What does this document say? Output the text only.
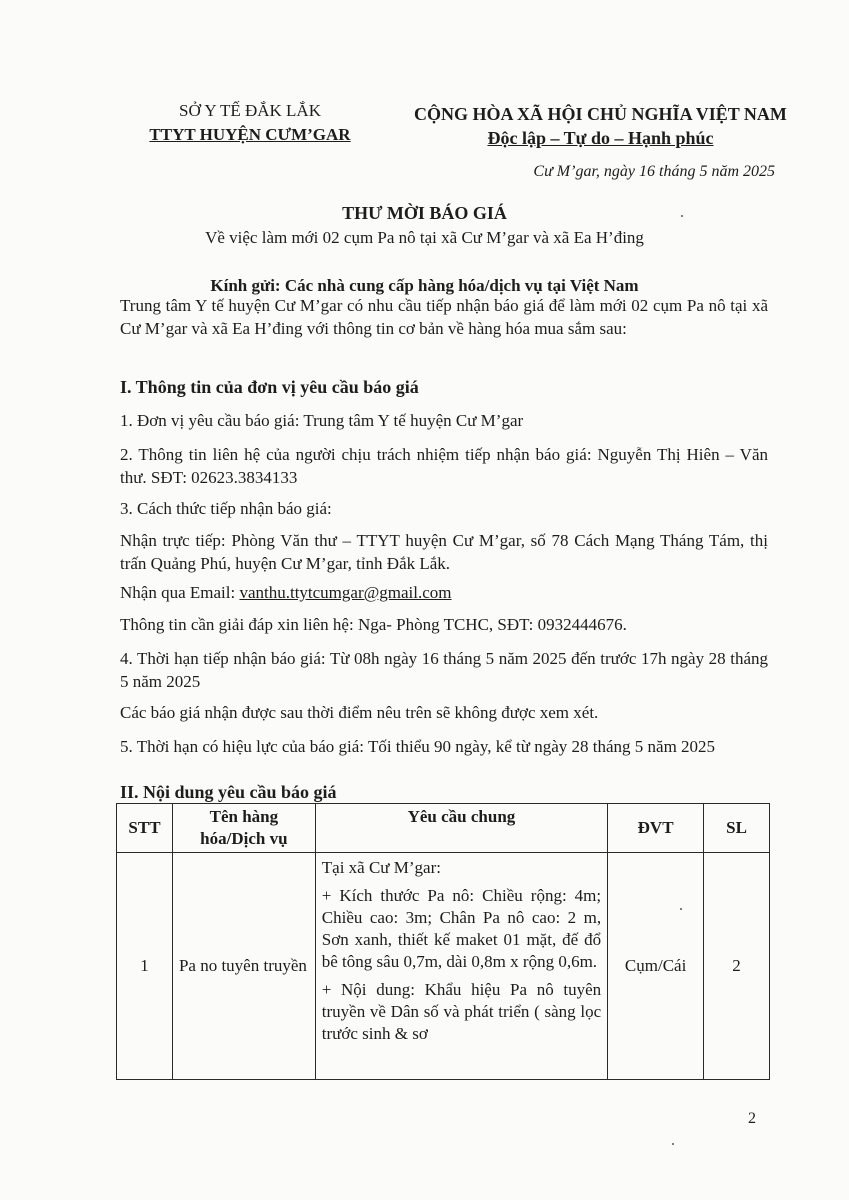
SỞ Y TẾ ĐẮK LẮK
TTYT HUYỆN CƯM’GAR
CỘNG HÒA XÃ HỘI CHỦ NGHĨA VIỆT NAM
Độc lập – Tự do – Hạnh phúc
Cư M’gar, ngày 16 tháng 5 năm 2025
THƯ MỜI BÁO GIÁ
Về việc làm mới 02 cụm Pa nô tại xã Cư M’gar và xã Ea H’đing
Kính gửi: Các nhà cung cấp hàng hóa/dịch vụ tại Việt Nam
Trung tâm Y tế huyện Cư M’gar có nhu cầu tiếp nhận báo giá để làm mới 02 cụm Pa nô tại xã Cư M’gar và xã Ea H’đing với thông tin cơ bản về hàng hóa mua sắm sau:
I. Thông tin của đơn vị yêu cầu báo giá
1. Đơn vị yêu cầu báo giá: Trung tâm Y tế huyện Cư M’gar
2. Thông tin liên hệ của người chịu trách nhiệm tiếp nhận báo giá: Nguyễn Thị Hiên – Văn thư. SĐT: 02623.3834133
3. Cách thức tiếp nhận báo giá:
Nhận trực tiếp: Phòng Văn thư – TTYT huyện Cư M’gar, số 78 Cách Mạng Tháng Tám, thị trấn Quảng Phú, huyện Cư M’gar, tỉnh Đắk Lắk.
Nhận qua Email: vanthu.ttytcumgar@gmail.com
Thông tin cần giải đáp xin liên hệ: Nga- Phòng TCHC, SĐT: 0932444676.
4. Thời hạn tiếp nhận báo giá: Từ 08h ngày 16 tháng 5 năm 2025 đến trước 17h ngày 28 tháng 5 năm 2025
Các báo giá nhận được sau thời điểm nêu trên sẽ không được xem xét.
5. Thời hạn có hiệu lực của báo giá: Tối thiểu 90 ngày, kể từ ngày 28 tháng 5 năm 2025
II. Nội dung yêu cầu báo giá
STT	Tên hàng hóa/Dịch vụ	Yêu cầu chung	ĐVT	SL
1	Pa no tuyên truyền	Tại xã Cư M’gar:

+ Kích thước Pa nô: Chiều rộng: 4m; Chiều cao: 3m; Chân Pa nô cao: 2 m, Sơn xanh, thiết kế maket 01 mặt, đế đổ bê tông sâu 0,7m, dài 0,8m x rộng 0,6m.

+ Nội dung: Khẩu hiệu Pa nô tuyên truyền về Dân số và phát triển ( sàng lọc trước sinh & sơ	Cụm/Cái	2
2
